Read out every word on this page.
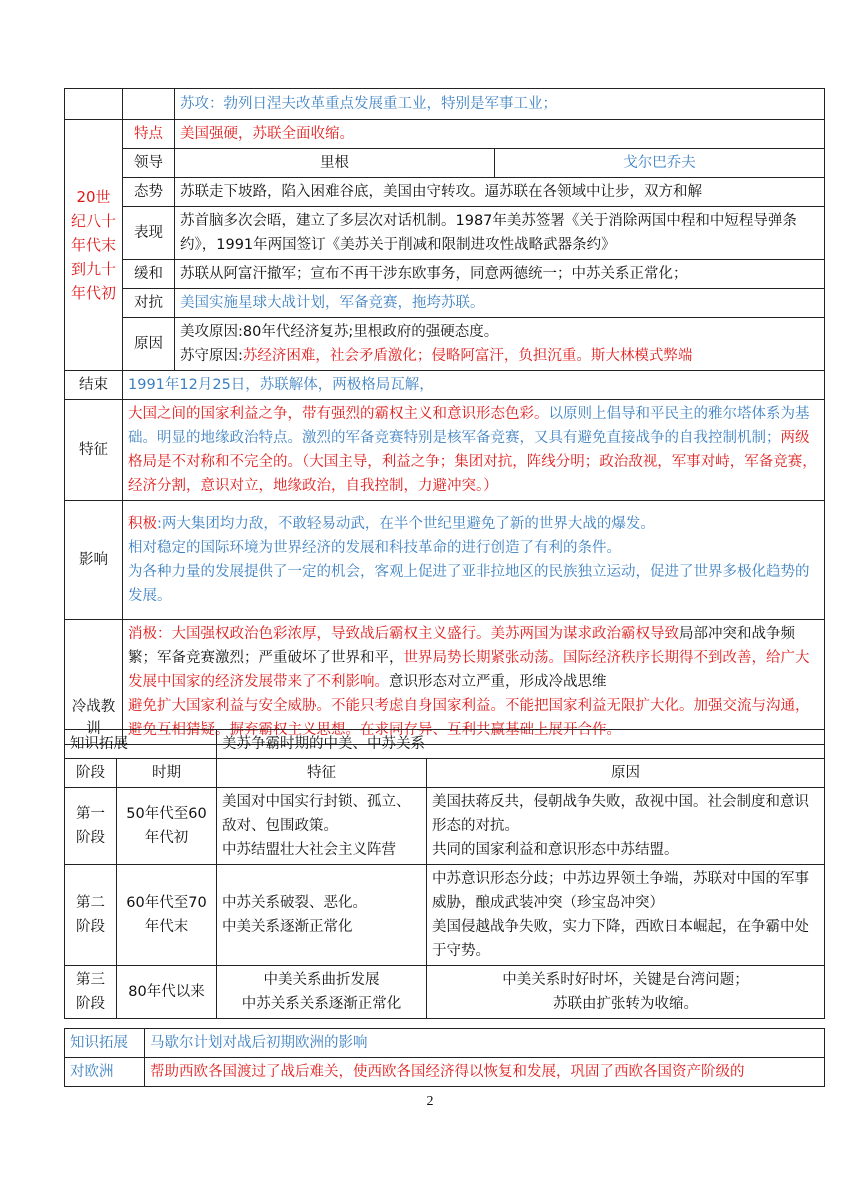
		苏攻：勃列日涅夫改革重点发展重工业，特别是军事工业；	
20世纪八十年代末到九十年代初	特点	美国强硬，苏联全面收缩。	
	领导	里根	戈尔巴乔夫
	态势	苏联走下坡路，陷入困难谷底，美国由守转攻。逼苏联在各领域中让步，双方和解	
	表现	苏首脑多次会晤，建立了多层次对话机制。1987年美苏签署《关于消除两国中程和中短程导弹条约》，1991年两国签订《美苏关于削减和限制进攻性战略武器条约》	
	缓和	苏联从阿富汗撤军；宣布不再干涉东欧事务，同意两德统一；中苏关系正常化；	
	对抗	美国实施星球大战计划，军备竞赛，拖垮苏联。	
	原因	美攻原因:80年代经济复苏;里根政府的强硬态度。
苏守原因:苏经济困难，社会矛盾激化；侵略阿富汗，负担沉重。斯大林模式弊端	

结束	1991年12月25日，苏联解体，两极格局瓦解，		
特征	大国之间的国家利益之争，带有强烈的霸权主义和意识形态色彩。以原则上倡导和平民主的雅尔塔体系为基础。明显的地缘政治特点。激烈的军备竞赛特别是核军备竞赛，又具有避免直接战争的自我控制机制；两级格局是不对称和不完全的。（大国主导，利益之争；集团对抗，阵线分明；政治敌视，军事对峙，军备竞赛，经济分割，意识对立，地缘政治，自我控制，力避冲突。）		
影响	积极:两大集团均力敌，不敢轻易动武，在半个世纪里避免了新的世界大战的爆发。
相对稳定的国际环境为世界经济的发展和科技革命的进行创造了有利的条件。
为各种力量的发展提供了一定的机会，客观上促进了亚非拉地区的民族独立运动，促进了世界多极化趋势的发展。		

冷战教训	消极：大国强权政治色彩浓厚，导致战后霸权主义盛行。美苏两国为谋求政治霸权导致局部冲突和战争频繁；军备竞赛激烈；严重破坏了世界和平，世界局势长期紧张动荡。国际经济秩序长期得不到改善，给广大发展中国家的经济发展带来了不利影响。意识形态对立严重，形成冷战思维
避免扩大国家利益与安全威胁。不能只考虑自身国家利益。不能把国家利益无限扩大化。加强交流与沟通，避免互相猜疑。摒弃霸权主义思想。在求同存异、互利共赢基础上展开合作。		
知识拓展		美苏争霸时期的中美、中苏关系	
阶段	时期	特征	原因
第一阶段	50年代至60年代初	美国对中国实行封锁、孤立、敌对、包围政策。
中苏结盟壮大社会主义阵营	美国扶蒋反共，侵朝战争失败，敌视中国。社会制度和意识形态的对抗。
共同的国家利益和意识形态中苏结盟。

第二阶段	60年代至70年代末	中苏关系破裂、恶化。
中美关系逐渐正常化	中苏意识形态分歧；中苏边界领土争端，苏联对中国的军事威胁，酿成武装冲突（珍宝岛冲突）
美国侵越战争失败，实力下降，西欧日本崛起，在争霸中处于守势。

第三阶段	80年代以来	中美关系曲折发展
中苏关系关系逐渐正常化	中美关系时好时坏，关键是台湾问题；
苏联由扩张转为收缩。
知识拓展	马歇尔计划对战后初期欧洲的影响
对欧洲	帮助西欧各国渡过了战后难关，使西欧各国经济得以恢复和发展，巩固了西欧各国资产阶级的
2
